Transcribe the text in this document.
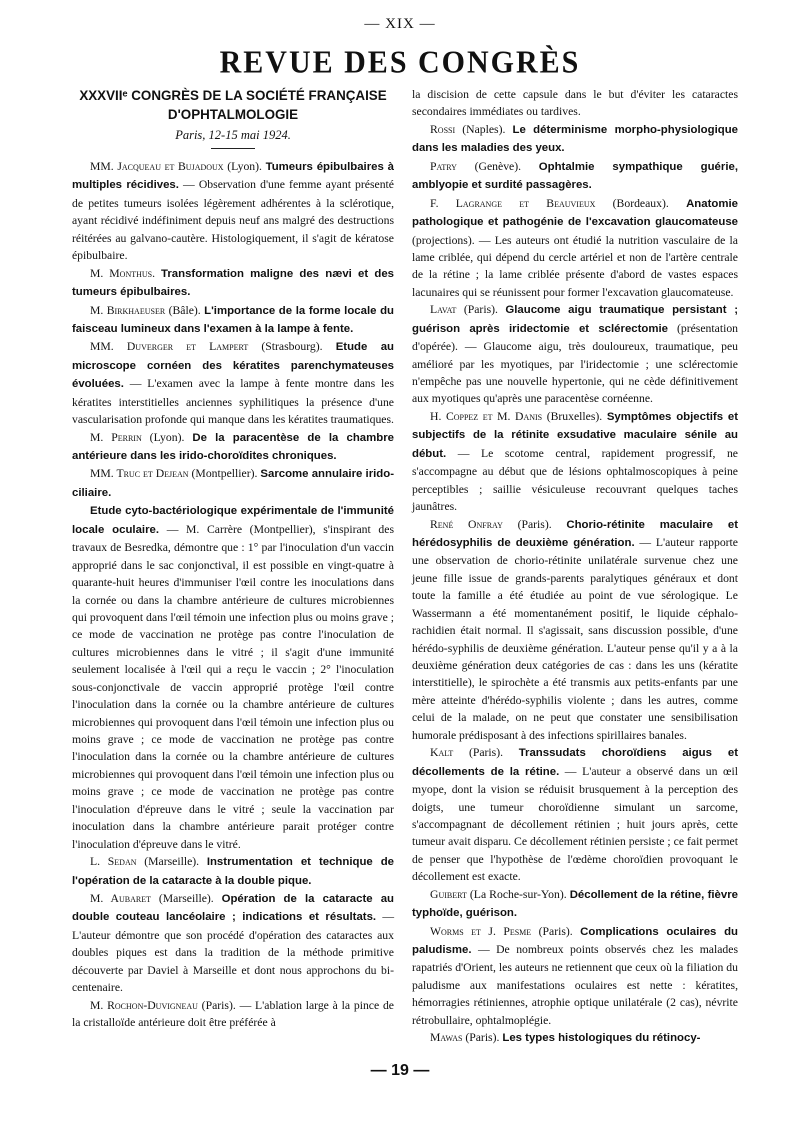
— XIX —
REVUE DES CONGRÈS
XXXVIIᵉ CONGRÈS DE LA SOCIÉTÉ FRANÇAISE D'OPHTALMOLOGIE
Paris, 12-15 mai 1924.

MM. Jacqueau et Bujadoux (Lyon). Tumeurs épibulbaires à multiples récidives. — Observation d'une femme ayant présenté de petites tumeurs isolées légèrement adhérentes à la sclérotique, ayant récidivé indéfiniment depuis neuf ans malgré des destructions réitérées au galvano-cautère. Histologiquement, il s'agit de kératose épibulbaire.

M. Monthus. Transformation maligne des nævi et des tumeurs épibulbaires.

M. Birkhaeuser (Bâle). L'importance de la forme locale du faisceau lumineux dans l'examen à la lampe à fente.

MM. Duverger et Lampert (Strasbourg). Etude au microscope cornéen des kératites parenchymateuses évoluées. — L'examen avec la lampe à fente montre dans les kératites interstitielles anciennes syphilitiques la présence d'une vascularisation profonde qui manque dans les kératites traumatiques.

M. Perrin (Lyon). De la paracentèse de la chambre antérieure dans les irido-choroïdites chroniques.

MM. Truc et Dejean (Montpellier). Sarcome annulaire irido-ciliaire.

Etude cyto-bactériologique expérimentale de l'immunité locale oculaire. — M. Carrère (Montpellier), s'inspirant des travaux de Besredka, démontre que : 1° par l'inoculation d'un vaccin approprié dans le sac conjonctival, il est possible en vingt-quatre à quarante-huit heures d'immuniser l'œil contre les inoculations dans la cornée ou dans la chambre antérieure de cultures microbiennes qui provoquent dans l'œil témoin une infection plus ou moins grave ; ce mode de vaccination ne protège pas contre l'inoculation de cultures microbiennes dans le vitré ; il s'agit d'une immunité seulement localisée à l'œil qui a reçu le vaccin ; 2° l'inoculation sous-conjonctivale de vaccin approprié protège l'œil contre l'inoculation dans la cornée ou la chambre antérieure de cultures microbiennes qui provoquent dans l'œil témoin une infection plus ou moins grave ; ce mode de vaccination ne protège pas contre l'inoculation dans la cornée ou la chambre antérieure de cultures microbiennes qui provoquent dans l'œil témoin une infection plus ou moins grave ; ce mode de vaccination ne protège pas contre l'inoculation d'épreuve dans le vitré ; seule la vaccination par inoculation dans la chambre antérieure parait protéger contre l'inoculation d'épreuve dans le vitré.

L. Sedan (Marseille). Instrumentation et technique de l'opération de la cataracte à la double pique.

M. Aubaret (Marseille). Opération de la cataracte au double couteau lancéolaire ; indications et résultats. — L'auteur démontre que son procédé d'opération des cataractes aux doubles piques est dans la tradition de la méthode primitive découverte par Daviel à Marseille et dont nous approchons du bi-centenaire.

M. Rochon-Duvigneau (Paris). — L'ablation large à la pince de la cristalloïde antérieure doit être préférée à

la discision de cette capsule dans le but d'éviter les cataractes secondaires immédiates ou tardives.

Rossi (Naples). Le déterminisme morpho-physiologique dans les maladies des yeux.

Patry (Genève). Ophtalmie sympathique guérie, amblyopie et surdité passagères.

F. Lagrange et Beauvieux (Bordeaux). Anatomie pathologique et pathogénie de l'excavation glaucomateuse (projections). — Les auteurs ont étudié la nutrition vasculaire de la lame criblée, qui dépend du cercle artériel et non de l'artère centrale de la rétine ; la lame criblée présente d'abord de vastes espaces lacunaires qui se réunissent pour former l'excavation glaucomateuse.

Lavat (Paris). Glaucome aigu traumatique persistant ; guérison après iridectomie et sclérectomie (présentation d'opérée). — Glaucome aigu, très douloureux, traumatique, peu amélioré par les myotiques, par l'iridectomie ; une sclérectomie n'empêche pas une nouvelle hypertonie, qui ne cède définitivement aux myotiques qu'après une paracentèse cornéenne.

H. Coppez et M. Danis (Bruxelles). Symptômes objectifs et subjectifs de la rétinite exsudative maculaire sénile au début. — Le scotome central, rapidement progressif, ne s'accompagne au début que de lésions ophtalmoscopiques à peine perceptibles ; saillie vésiculeuse recouvrant quelques taches jaunâtres.

René Onfray (Paris). Chorio-rétinite maculaire et hérédosyphilis de deuxième génération. — L'auteur rapporte une observation de chorio-rétinite unilatérale survenue chez une jeune fille issue de grands-parents paralytiques généraux et dont toute la famille a été étudiée au point de vue sérologique. Le Wassermann a été momentanément positif, le liquide céphalo-rachidien était normal. Il s'agissait, sans discussion possible, d'une hérédo-syphilis de deuxième génération. L'auteur pense qu'il y a à la deuxième génération deux catégories de cas : dans les uns (kératite interstitielle), le spirochète a été transmis aux petits-enfants par une mère atteinte d'hérédo-syphilis violente ; dans les autres, comme celui de la malade, on ne peut que constater une sensibilisation humorale prédisposant à des infections spirillaires banales.

Kalt (Paris). Transsudats choroïdiens aigus et décollements de la rétine. — L'auteur a observé dans un œil myope, dont la vision se réduisit brusquement à la perception des doigts, une tumeur choroïdienne simulant un sarcome, s'accompagnant de décollement rétinien ; huit jours après, cette tumeur avait disparu. Ce décollement rétinien persiste ; ce fait permet de penser que l'hypothèse de l'œdème choroïdien provoquant le décollement est exacte.

Guibert (La Roche-sur-Yon). Décollement de la rétine, fièvre typhoïde, guérison.

Worms et J. Pesme (Paris). Complications oculaires du paludisme. — De nombreux points observés chez les malades rapatriés d'Orient, les auteurs ne retiennent que ceux où la filiation du paludisme aux manifestations oculaires est nette : kératites, hémorragies rétiniennes, atrophie optique unilatérale (2 cas), névrite rétrobullaire, ophtalmoplégie.

Mawas (Paris). Les types histologiques du rétinocy-

— 19 —
